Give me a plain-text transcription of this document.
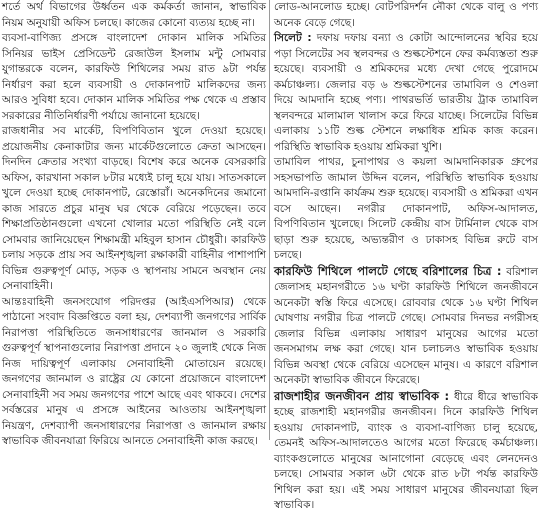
শর্তে অর্থ বিভাগের উর্ধ্বতন এক কর্মকর্তা জানান, স্বাভাবিক নিয়ম অনুযায়ী অফিস চলছে। কাজের কোনো ব্যত্যয় হচ্ছে না।

ব্যবসা-বাণিজ্য প্রসঙ্গে বাংলাদেশ দোকান মালিক সমিতির সিনিয়র ভাইস প্রেসিডেন্ট রেজাউল ইসলাম মন্টু সোমবার যুগান্তরকে বলেন, কারফিউ শিথিলের সময় রাত ৯টা পর্যন্ত নির্ধারণ করা হলে ব্যবসায়ী ও দোকানপাট মালিকদের জন্য আরও সুবিধা হবে। দোকান মালিক সমিতির পক্ষ থেকে এ প্রস্তাব সরকারের নীতিনির্ধারণী পর্যায়ে জানানো হয়েছে।

রাজধানীর সব মার্কেট, বিপণিবিতান খুলে দেওয়া হয়েছে। প্রয়োজনীয় কেনাকাটার জন্য মার্কেটগুলোতে ক্রেতা আসছেন। দিনদিন ক্রেতার সংখ্যা বাড়ছে। বিশেষ করে অনেক বেসরকারি অফিস, কারখানা সকাল ৮টার মধ্যেই চালু হয়ে যায়। সাতসকালে খুলে দেওয়া হচ্ছে দোকানপাট, রেস্তোরাঁ। অনেকদিনের জমানো কাজ সারতে প্রচুর মানুষ ঘর থেকে বেরিয়ে পড়েছেন। তবে শিক্ষাপ্রতিষ্ঠানগুলো এখনো খোলার মতো পরিস্থিতি নেই বলে সোমবার জানিয়েছেন শিক্ষামন্ত্রী মহিবুল হাসান চৌধুরী। কারফিউ চলায় সড়কে প্রায় সব আইনশৃঙ্খলা রক্ষাকারী বাহিনীর পাশাপাশি বিভিন্ন গুরুত্বপূর্ণ মোড়, সড়ক ও স্থাপনায় সামনে অবস্থান নেয় সেনাবাহিনী।

আন্তঃবাহিনী জনসংযোগ পরিদপ্তর (আইএসপিআর) থেকে পাঠানো সংবাদ বিজ্ঞপ্তিতে বলা হয়, দেশব্যাপী জনগণের সার্বিক নিরাপত্তা পরিস্থিতিতে জনসাধারণের জানমাল ও সরকারি গুরুত্বপূর্ণ স্থাপনাগুলোর নিরাপত্তা প্রদানে ২০ জুলাই থেকে নিজ নিজ দায়িত্বপূর্ণ এলাকায় সেনাবাহিনী মোতায়েন রয়েছে। জনগণের জানমাল ও রাষ্ট্রের যে কোনো প্রয়োজনে বাংলাদেশ সেনাবাহিনী সব সময় জনগণের পাশে আছে এবং থাকবে। দেশের সর্বস্তরের মানুষ এ প্রসঙ্গে আইনের আওতায় আইনশৃঙ্খলা নিয়ন্ত্রণ, দেশব্যাপী জনসাধারণের নিরাপত্তা ও জানমাল রক্ষায় স্বাভাবিক জীবনযাত্রা ফিরিয়ে আনতে সেনাবাহিনী কাজ করছে।

লোড-আনলোড হচ্ছে। বোটপরিদর্শন নৌকা থেকে বালু ও পণ্য অনেক বেড়ে গেছে।

সিলেট : দফায় দফায় বন্যা ও কোটা আন্দোলনের স্থবির হয়ে পড়া সিলেটের সব স্থলবন্দর ও শুল্কস্টেশনে ফের কর্মব্যস্ততা শুরু হয়েছে। ব্যবসায়ী ও শ্রমিকদের মধ্যে দেখা গেছে পুরোদমে কর্মচাঞ্চল্য। জেলার বড় ৬ শুল্কস্টেশনের তামাবিল ও শেওলা দিয়ে আমদানি হচ্ছে পণ্য। পাথরভর্তি ভারতীয় ট্রাক তামাবিল স্থলবন্দরে মালামাল খালাস করে ফিরে যাচ্ছে। সিলেটের বিভিন্ন এলাকায় ১১টি শুল্ক স্টেশনে লক্ষাধিক শ্রমিক কাজ করেন। পরিস্থিতি স্বাভাবিক হওয়ায় শ্রমিকরা খুশি।

তামাবিল পাথর, চুনাপাথর ও কয়লা আমদানিকারক গ্রুপের সহসভাপতি জামাল উদ্দিন বলেন, পরিস্থিতি স্বাভাবিক হওয়ায় আমদানি-রপ্তানি কার্যক্রম শুরু হয়েছে। ব্যবসায়ী ও শ্রমিকরা এখন বসে আছেন। নগরীর দোকানপাট, অফিস-আদালত, বিপণিবিতান খুলেছে। সিলেট কেন্দ্রীয় বাস টার্মিনাল থেকে বাস ছাড়া শুরু হয়েছে, অভ্যন্তরীণ ও ঢাকাসহ বিভিন্ন রুটে বাস চলছে।

কারফিউ শিথিলে পালটে গেছে বরিশালের চিত্র : বরিশাল জেলাসহ মহানগরীতে ১৬ ঘণ্টা কারফিউ শিথিলে জনজীবনে অনেকটা স্বস্তি ফিরে এসেছে। রোববার থেকে ১৬ ঘণ্টা শিথিল ঘোষণায় নগরীর চিত্র পালটে গেছে। সোমবার দিনভর নগরীসহ জেলার বিভিন্ন এলাকায় সাধারণ মানুষের আগের মতো জনসমাগম লক্ষ করা গেছে। যান চলাচলও স্বাভাবিক হওয়ায় বিভিন্ন অবস্থা থেকে বেরিয়ে এসেছেন মানুষ। এ কারণে বরিশাল অনেকটা স্বাভাবিক জীবনে ফিরেছে।

রাজশাহীর জনজীবন প্রায় স্বাভাবিক : ধীরে ধীরে স্বাভাবিক হচ্ছে রাজশাহী মহানগরীর জনজীবন। দিনে কারফিউ শিথিল হওয়ায় দোকানপাট, ব্যাংক ও ব্যবসা-বাণিজ্য চালু হয়েছে, তেমনই অফিস-আদালতেও আগের মতো ফিরেছে কর্মচাঞ্চল্য। ব্যাংকগুলোতে মানুষের আনাগোনা বেড়েছে এবং লেনদেনও চলছে। সোমবার সকাল ৬টা থেকে রাত ৮টা পর্যন্ত কারফিউ শিথিল করা হয়। এই সময় সাধারণ মানুষের জীবনযাত্রা ছিল স্বাভাবিক।
